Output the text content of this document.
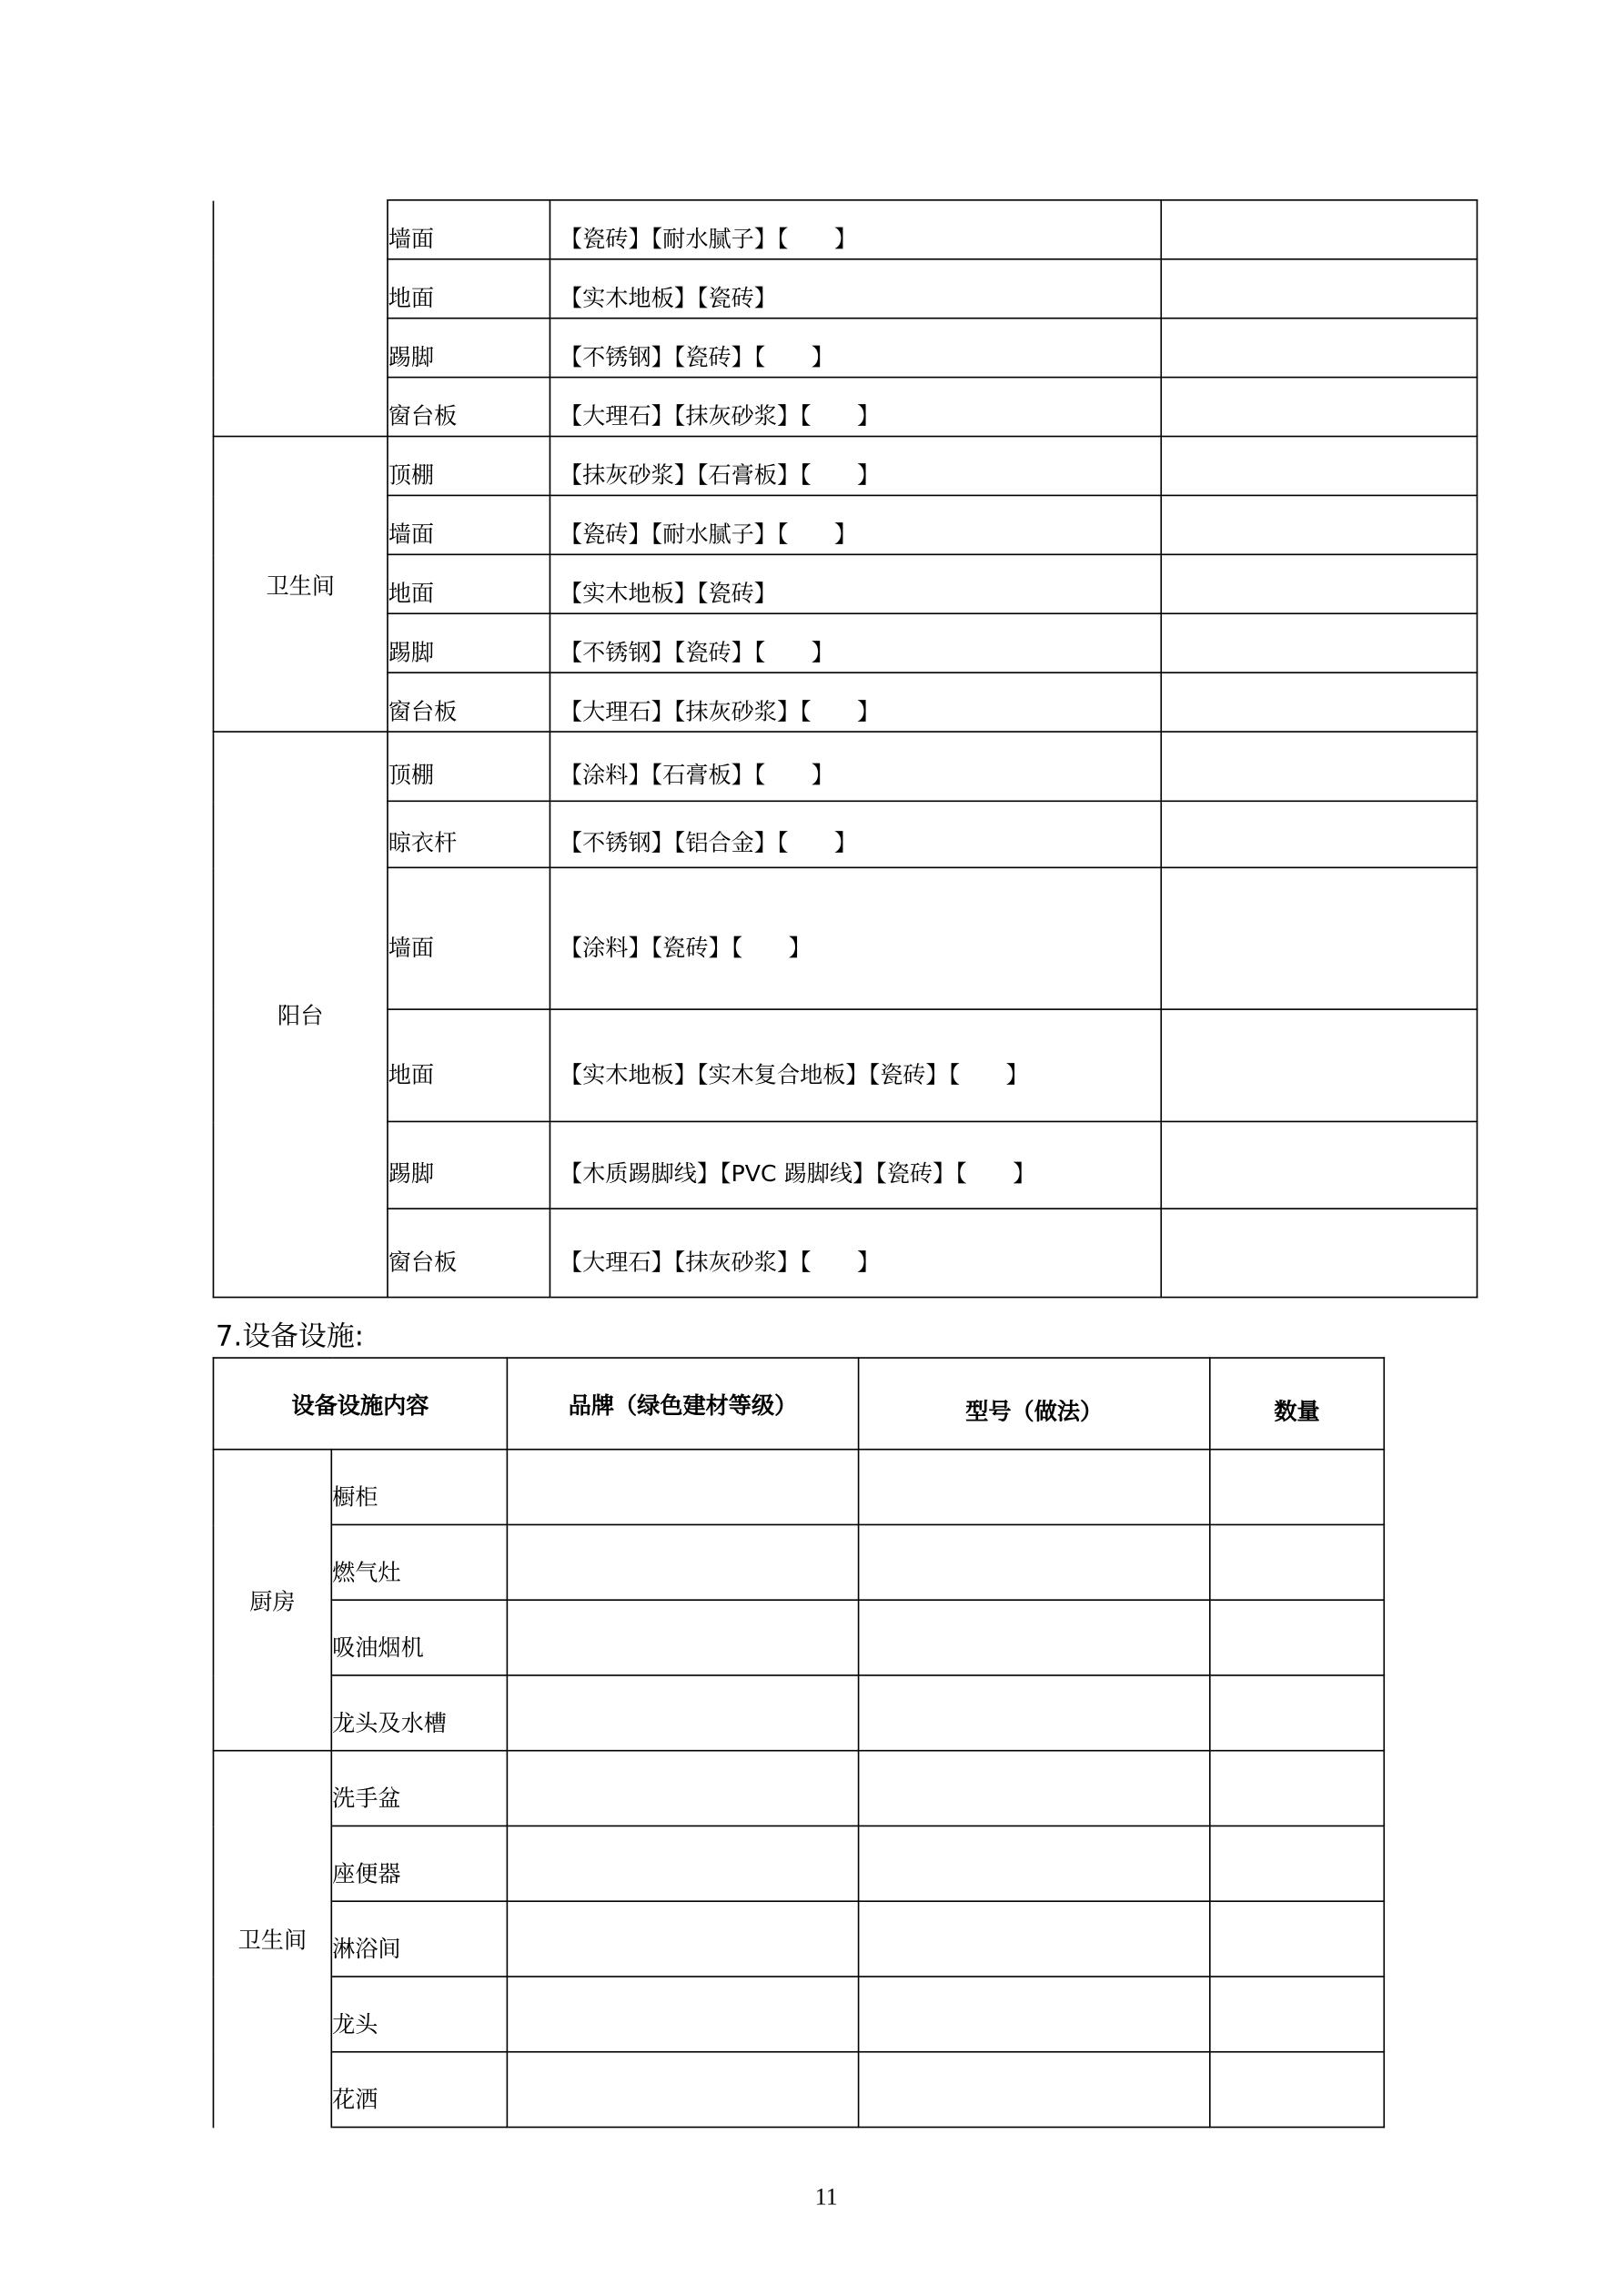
	墙面	【瓷砖】【耐水腻子】【　　】	
	地面	【实木地板】【瓷砖】	
	踢脚	【不锈钢】【瓷砖】【　　】	
	窗台板	【大理石】【抹灰砂浆】【　　】	
卫生间	顶棚	【抹灰砂浆】【石膏板】【　　】	
	墙面	【瓷砖】【耐水腻子】【　　】	
	地面	【实木地板】【瓷砖】	
	踢脚	【不锈钢】【瓷砖】【　　】	
	窗台板	【大理石】【抹灰砂浆】【　　】	
阳台	顶棚	【涂料】【石膏板】【　　】	
	晾衣杆	【不锈钢】【铝合金】【　　】	
	墙面	【涂料】【瓷砖】【　　】	
	地面	【实木地板】【实木复合地板】【瓷砖】【　　】	
	踢脚	【木质踢脚线】【PVC 踢脚线】【瓷砖】【　　】	
	窗台板	【大理石】【抹灰砂浆】【　　】	
7.设备设施:
设备设施内容		品牌（绿色建材等级）	型号（做法）	数量
厨房	橱柜			
	燃气灶			
	吸油烟机			
	龙头及水槽			
卫生间	洗手盆			
	座便器			
	淋浴间			
	龙头			
	花洒			
11
